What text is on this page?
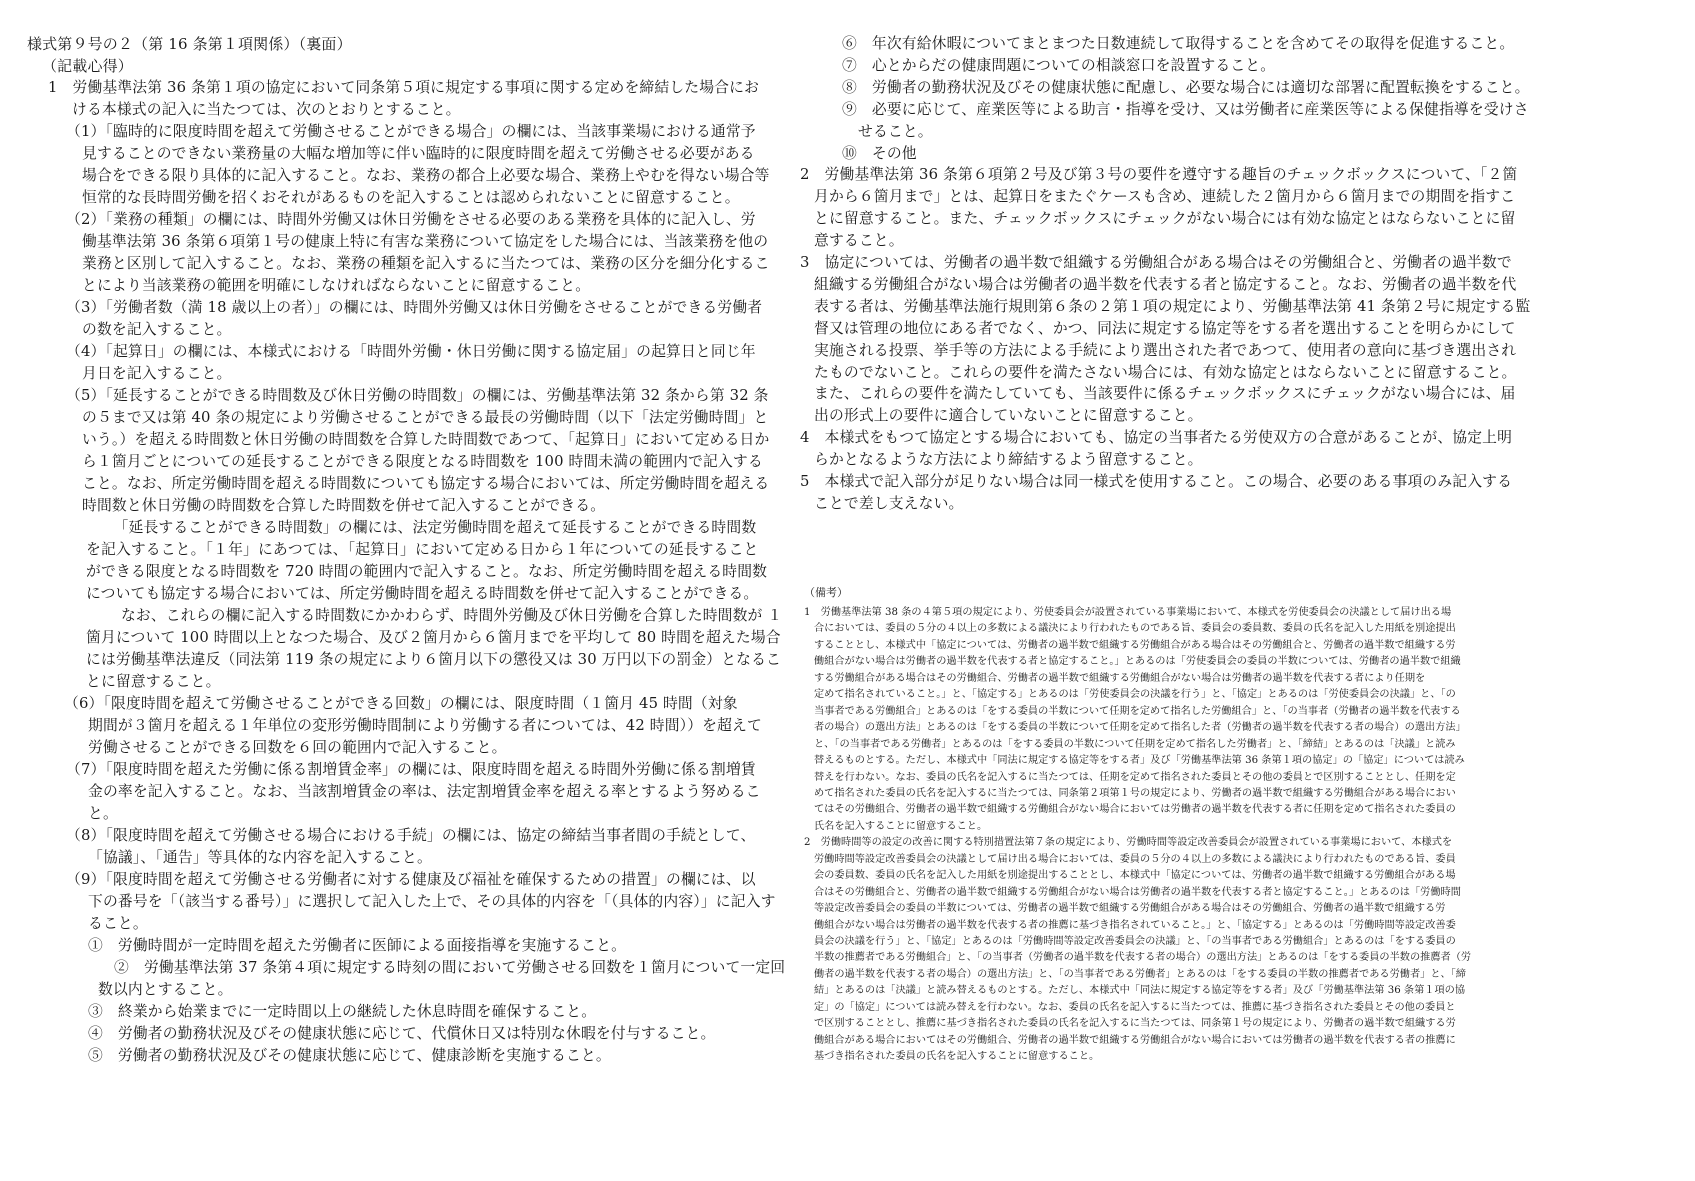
様式第９号の２（第 16 条第１項関係）（裏面）
（記載心得）
1　労働基準法第 36 条第１項の協定において同条第５項に規定する事項に関する定めを締結した場合にお
ける本様式の記入に当たつては、次のとおりとすること。
（1）「臨時的に限度時間を超えて労働させることができる場合」の欄には、当該事業場における通常予
見することのできない業務量の大幅な増加等に伴い臨時的に限度時間を超えて労働させる必要がある
場合をできる限り具体的に記入すること。なお、業務の都合上必要な場合、業務上やむを得ない場合等
恒常的な長時間労働を招くおそれがあるものを記入することは認められないことに留意すること。
（2）「業務の種類」の欄には、時間外労働又は休日労働をさせる必要のある業務を具体的に記入し、労
働基準法第 36 条第６項第１号の健康上特に有害な業務について協定をした場合には、当該業務を他の
業務と区別して記入すること。なお、業務の種類を記入するに当たつては、業務の区分を細分化するこ
とにより当該業務の範囲を明確にしなければならないことに留意すること。
（3）「労働者数（満 18 歳以上の者）」の欄には、時間外労働又は休日労働をさせることができる労働者
の数を記入すること。
（4）「起算日」の欄には、本様式における「時間外労働・休日労働に関する協定届」の起算日と同じ年
月日を記入すること。
（5）「延長することができる時間数及び休日労働の時間数」の欄には、労働基準法第 32 条から第 32 条
の５まで又は第 40 条の規定により労働させることができる最長の労働時間（以下「法定労働時間」と
いう。）を超える時間数と休日労働の時間数を合算した時間数であつて、「起算日」において定める日か
ら１箇月ごとについての延長することができる限度となる時間数を 100 時間未満の範囲内で記入する
こと。なお、所定労働時間を超える時間数についても協定する場合においては、所定労働時間を超える
時間数と休日労働の時間数を合算した時間数を併せて記入することができる。
　「延長することができる時間数」の欄には、法定労働時間を超えて延長することができる時間数
を記入すること。「１年」にあつては、「起算日」において定める日から１年についての延長すること
ができる限度となる時間数を 720 時間の範囲内で記入すること。なお、所定労働時間を超える時間数
についても協定する場合においては、所定労働時間を超える時間数を併せて記入することができる。
　なお、これらの欄に記入する時間数にかかわらず、時間外労働及び休日労働を合算した時間数が １
箇月について 100 時間以上となつた場合、及び２箇月から６箇月までを平均して 80 時間を超えた場合
には労働基準法違反（同法第 119 条の規定により６箇月以下の懲役又は 30 万円以下の罰金）となるこ
とに留意すること。
（6）「限度時間を超えて労働させることができる回数」の欄には、限度時間（１箇月 45 時間（対象
期間が３箇月を超える１年単位の変形労働時間制により労働する者については、42 時間））を超えて
労働させることができる回数を６回の範囲内で記入すること。
（7）「限度時間を超えた労働に係る割増賃金率」の欄には、限度時間を超える時間外労働に係る割増賃
金の率を記入すること。なお、当該割増賃金の率は、法定割増賃金率を超える率とするよう努めるこ
と。
（8）「限度時間を超えて労働させる場合における手続」の欄には、協定の締結当事者間の手続として、
「協議」、「通告」等具体的な内容を記入すること。
（9）「限度時間を超えて労働させる労働者に対する健康及び福祉を確保するための措置」の欄には、以
下の番号を「（該当する番号）」に選択して記入した上で、その具体的内容を「（具体的内容）」に記入す
ること。
①　労働時間が一定時間を超えた労働者に医師による面接指導を実施すること。
②　労働基準法第 37 条第４項に規定する時刻の間において労働させる回数を１箇月について一定回
数以内とすること。
③　終業から始業までに一定時間以上の継続した休息時間を確保すること。
④　労働者の勤務状況及びその健康状態に応じて、代償休日又は特別な休暇を付与すること。
⑤　労働者の勤務状況及びその健康状態に応じて、健康診断を実施すること。
⑥　年次有給休暇についてまとまつた日数連続して取得することを含めてその取得を促進すること。
⑦　心とからだの健康問題についての相談窓口を設置すること。
⑧　労働者の勤務状況及びその健康状態に配慮し、必要な場合には適切な部署に配置転換をすること。
⑨　必要に応じて、産業医等による助言・指導を受け、又は労働者に産業医等による保健指導を受けさ
せること。
⑩　その他
2　労働基準法第 36 条第６項第２号及び第３号の要件を遵守する趣旨のチェックボックスについて、「２箇
月から６箇月まで」とは、起算日をまたぐケースも含め、連続した２箇月から６箇月までの期間を指すこ
とに留意すること。また、チェックボックスにチェックがない場合には有効な協定とはならないことに留
意すること。
3　協定については、労働者の過半数で組織する労働組合がある場合はその労働組合と、労働者の過半数で
組織する労働組合がない場合は労働者の過半数を代表する者と協定すること。なお、労働者の過半数を代
表する者は、労働基準法施行規則第６条の２第１項の規定により、労働基準法第 41 条第２号に規定する監
督又は管理の地位にある者でなく、かつ、同法に規定する協定等をする者を選出することを明らかにして
実施される投票、挙手等の方法による手続により選出された者であつて、使用者の意向に基づき選出され
たものでないこと。これらの要件を満たさない場合には、有効な協定とはならないことに留意すること。
また、これらの要件を満たしていても、当該要件に係るチェックボックスにチェックがない場合には、届
出の形式上の要件に適合していないことに留意すること。
4　本様式をもつて協定とする場合においても、協定の当事者たる労使双方の合意があることが、協定上明
らかとなるような方法により締結するよう留意すること。
5　本様式で記入部分が足りない場合は同一様式を使用すること。この場合、必要のある事項のみ記入する
ことで差し支えない。
（備考）
1　労働基準法第 38 条の４第５項の規定により、労使委員会が設置されている事業場において、本様式を労使委員会の決議として届け出る場
合においては、委員の５分の４以上の多数による議決により行われたものである旨、委員会の委員数、委員の氏名を記入した用紙を別途提出
することとし、本様式中「協定については、労働者の過半数で組織する労働組合がある場合はその労働組合と、労働者の過半数で組織する労
働組合がない場合は労働者の過半数を代表する者と協定すること。」とあるのは「労使委員会の委員の半数については、労働者の過半数で組織
する労働組合がある場合はその労働組合、労働者の過半数で組織する労働組合がない場合は労働者の過半数を代表する者により任期を
定めて指名されていること。」と、「協定する」とあるのは「労使委員会の決議を行う」と、「協定」とあるのは「労使委員会の決議」と、「の
当事者である労働組合」とあるのは「をする委員の半数について任期を定めて指名した労働組合」と、「の当事者（労働者の過半数を代表する
者の場合）の選出方法」とあるのは「をする委員の半数について任期を定めて指名した者（労働者の過半数を代表する者の場合）の選出方法」
と、「の当事者である労働者」とあるのは「をする委員の半数について任期を定めて指名した労働者」と、「締結」とあるのは「決議」と読み
替えるものとする。ただし、本様式中「同法に規定する協定等をする者」及び「労働基準法第 36 条第１項の協定」の「協定」については読み
替えを行わない。なお、委員の氏名を記入するに当たつては、任期を定めて指名された委員とその他の委員とで区別することとし、任期を定
めて指名された委員の氏名を記入するに当たつては、同条第２項第１号の規定により、労働者の過半数で組織する労働組合がある場合におい
てはその労働組合、労働者の過半数で組織する労働組合がない場合においては労働者の過半数を代表する者に任期を定めて指名された委員の
氏名を記入することに留意すること。
2　労働時間等の設定の改善に関する特別措置法第７条の規定により、労働時間等設定改善委員会が設置されている事業場において、本様式を
労働時間等設定改善委員会の決議として届け出る場合においては、委員の５分の４以上の多数による議決により行われたものである旨、委員
会の委員数、委員の氏名を記入した用紙を別途提出することとし、本様式中「協定については、労働者の過半数で組織する労働組合がある場
合はその労働組合と、労働者の過半数で組織する労働組合がない場合は労働者の過半数を代表する者と協定すること。」とあるのは「労働時間
等設定改善委員会の委員の半数については、労働者の過半数で組織する労働組合がある場合はその労働組合、労働者の過半数で組織する労
働組合がない場合は労働者の過半数を代表する者の推薦に基づき指名されていること。」と、「協定する」とあるのは「労働時間等設定改善委
員会の決議を行う」と、「協定」とあるのは「労働時間等設定改善委員会の決議」と、「の当事者である労働組合」とあるのは「をする委員の
半数の推薦者である労働組合」と、「の当事者（労働者の過半数を代表する者の場合）の選出方法」とあるのは「をする委員の半数の推薦者（労
働者の過半数を代表する者の場合）の選出方法」と、「の当事者である労働者」とあるのは「をする委員の半数の推薦者である労働者」と、「締
結」とあるのは「決議」と読み替えるものとする。ただし、本様式中「同法に規定する協定等をする者」及び「労働基準法第 36 条第１項の協
定」の「協定」については読み替えを行わない。なお、委員の氏名を記入するに当たつては、推薦に基づき指名された委員とその他の委員と
で区別することとし、推薦に基づき指名された委員の氏名を記入するに当たつては、同条第１号の規定により、労働者の過半数で組織する労
働組合がある場合においてはその労働組合、労働者の過半数で組織する労働組合がない場合においては労働者の過半数を代表する者の推薦に
基づき指名された委員の氏名を記入することに留意すること。
